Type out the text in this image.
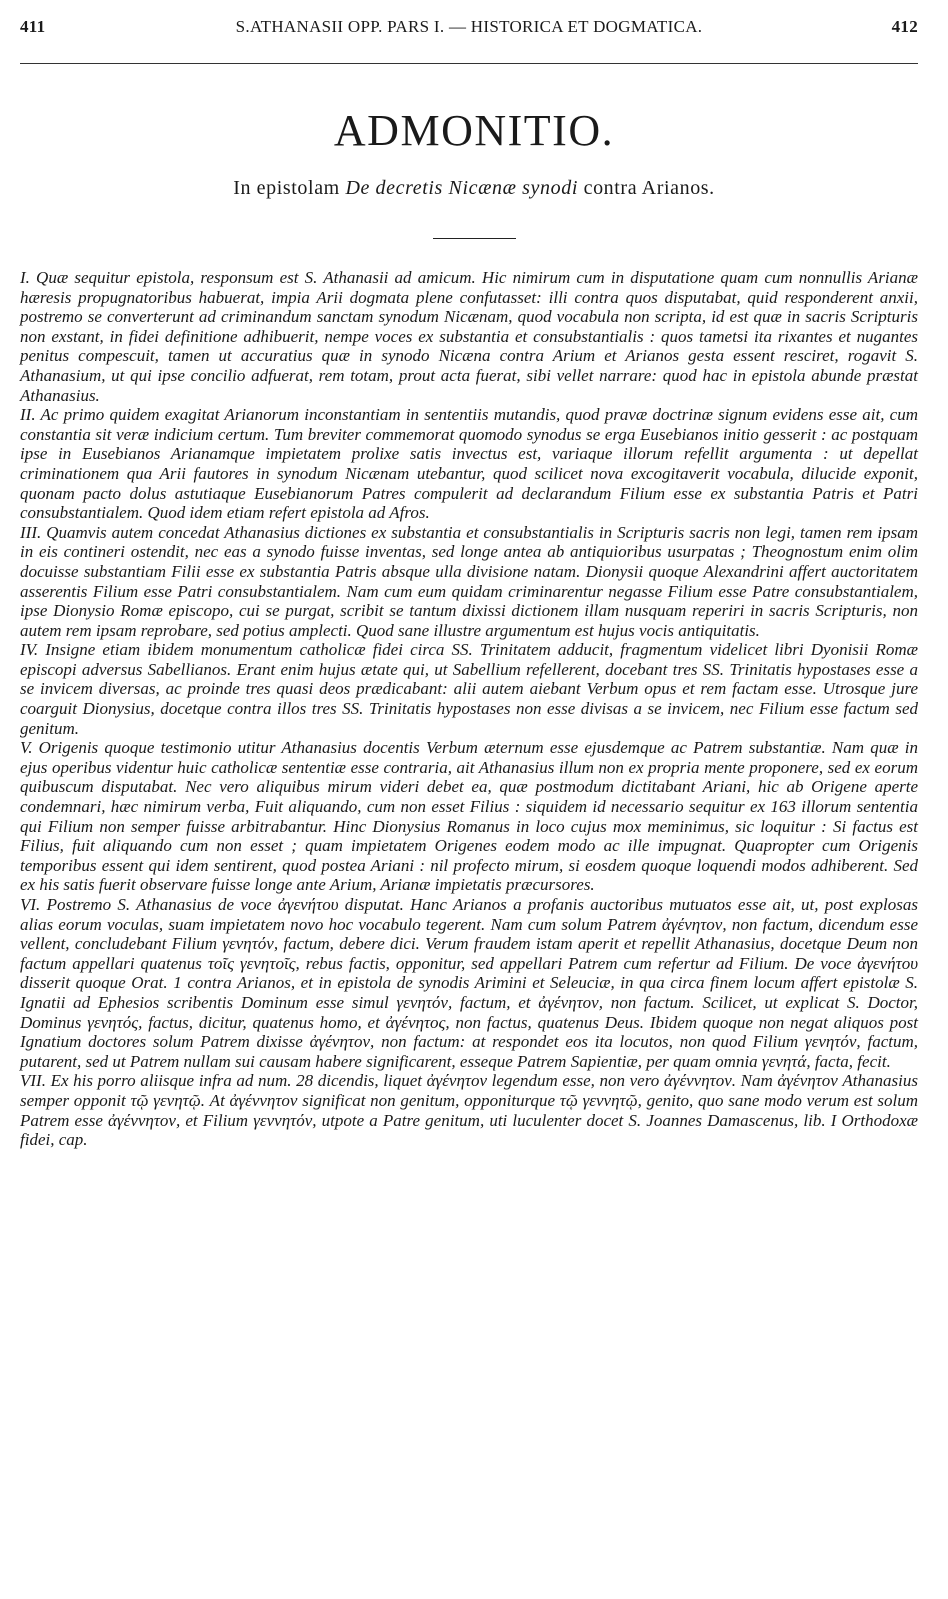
411	S.ATHANASII OPP. PARS I. — HISTORICA ET DOGMATICA.	412
ADMONITIO.
In epistolam De decretis Nicænæ synodi contra Arianos.

I. Quæ sequitur epistola, responsum est S. Athanasii ad amicum. Hic nimirum cum in disputatione quam cum nonnullis Arianæ hæresis propugnatoribus habuerat, impia Arii dogmata plene confutasset: illi contra quos disputabat, quid responderent anxii, postremo se converterunt ad criminandum sanctam synodum Nicænam, quod vocabula non scripta, id est quæ in sacris Scripturis non exstant, in fidei definitione adhibuerit, nempe voces ex substantia et consubstantialis : quos tametsi ita rixantes et nugantes penitus compescuit, tamen ut accuratius quæ in synodo Nicæna contra Arium et Arianos gesta essent resciret, rogavit S. Athanasium, ut qui ipse concilio adfuerat, rem totam, prout acta fuerat, sibi vellet narrare: quod hac in epistola abunde præstat Athanasius.

II. Ac primo quidem exagitat Arianorum inconstantiam in sententiis mutandis, quod pravæ doctrinæ signum evidens esse ait, cum constantia sit veræ indicium certum. Tum breviter commemorat quomodo synodus se erga Eusebianos initio gesserit : ac postquam ipse in Eusebianos Arianamque impietatem prolixe satis invectus est, variaque illorum refellit argumenta : ut depellat criminationem qua Arii fautores in synodum Nicænam utebantur, quod scilicet nova excogitaverit vocabula, dilucide exponit, quonam pacto dolus astutiaque Eusebianorum Patres compulerit ad declarandum Filium esse ex substantia Patris et Patri consubstantialem. Quod idem etiam refert epistola ad Afros.

III. Quamvis autem concedat Athanasius dictiones ex substantia et consubstantialis in Scripturis sacris non legi, tamen rem ipsam in eis contineri ostendit, nec eas a synodo fuisse inventas, sed longe antea ab antiquioribus usurpatas ; Theognostum enim olim docuisse substantiam Filii esse ex substantia Patris absque ulla divisione natam. Dionysii quoque Alexandrini affert auctoritatem asserentis Filium esse Patri consubstantialem. Nam cum eum quidam criminarentur negasse Filium esse Patre consubstantialem, ipse Dionysio Romæ episcopo, cui se purgat, scribit se tantum dixissi dictionem illam nusquam reperiri in sacris Scripturis, non autem rem ipsam reprobare, sed potius amplecti. Quod sane illustre argumentum est hujus vocis antiquitatis.

IV. Insigne etiam ibidem monumentum catholicæ fidei circa SS. Trinitatem adducit, fragmentum videlicet libri Dyonisii Romæ episcopi adversus Sabellianos. Erant enim hujus ætate qui, ut Sabellium refellerent, docebant tres SS. Trinitatis hypostases esse a se invicem diversas, ac proinde tres quasi deos prædicabant: alii autem aiebant Verbum opus et rem factam esse. Utrosque jure coarguit Dionysius, docetque contra illos tres SS. Trinitatis hypostases non esse divisas a se invicem, nec Filium esse factum sed genitum.

V. Origenis quoque testimonio utitur Athanasius docentis Verbum æternum esse ejusdemque ac Patrem substantiæ. Nam quæ in ejus operibus videntur huic catholicæ sententiæ esse contraria, ait Athanasius illum non ex propria mente proponere, sed ex eorum quibuscum disputabat. Nec vero aliquibus mirum videri debet ea, quæ postmodum dictitabant Ariani, hic ab Origene aperte condemnari, hæc nimirum verba, Fuit aliquando, cum non esset Filius : siquidem id necessario sequitur ex 163 illorum sententia qui Filium non semper fuisse arbitrabantur. Hinc Dionysius Romanus in loco cujus mox meminimus, sic loquitur : Si factus est Filius, fuit aliquando cum non esset ; quam impietatem Origenes eodem modo ac ille impugnat. Quapropter cum Origenis temporibus essent qui idem sentirent, quod postea Ariani : nil profecto mirum, si eosdem quoque loquendi modos adhiberent. Sed ex his satis fuerit observare fuisse longe ante Arium, Arianæ impietatis præcursores.

VI. Postremo S. Athanasius de voce ἀγενήτου disputat. Hanc Arianos a profanis auctoribus mutuatos esse ait, ut, post explosas alias eorum voculas, suam impietatem novo hoc vocabulo tegerent. Nam cum solum Patrem ἀγένητον, non factum, dicendum esse vellent, concludebant Filium γενητόν, factum, debere dici. Verum fraudem istam aperit et repellit Athanasius, docetque Deum non factum appellari quatenus τοῖς γενητοῖς, rebus factis, opponitur, sed appellari Patrem cum refertur ad Filium. De voce ἀγενήτου disserit quoque Orat. 1 contra Arianos, et in epistola de synodis Arimini et Seleuciæ, in qua circa finem locum affert epistolæ S. Ignatii ad Ephesios scribentis Dominum esse simul γενητόν, factum, et ἀγένητον, non factum. Scilicet, ut explicat S. Doctor, Dominus γενητός, factus, dicitur, quatenus homo, et ἀγένητος, non factus, quatenus Deus. Ibidem quoque non negat aliquos post Ignatium doctores solum Patrem dixisse ἀγένητον, non factum: at respondet eos ita locutos, non quod Filium γενητόν, factum, putarent, sed ut Patrem nullam sui causam habere significarent, esseque Patrem Sapientiæ, per quam omnia γενητά, facta, fecit.

VII. Ex his porro aliisque infra ad num. 28 dicendis, liquet ἀγένητον legendum esse, non vero ἀγέννητον. Nam ἀγένητον Athanasius semper opponit τῷ γενητῷ. At ἀγέννητον significat non genitum, opponiturque τῷ γεννητῷ, genito, quo sane modo verum est solum Patrem esse ἀγέννητον, et Filium γεννητόν, utpote a Patre genitum, uti luculenter docet S. Joannes Damascenus, lib. I Orthodoxæ fidei, cap.
